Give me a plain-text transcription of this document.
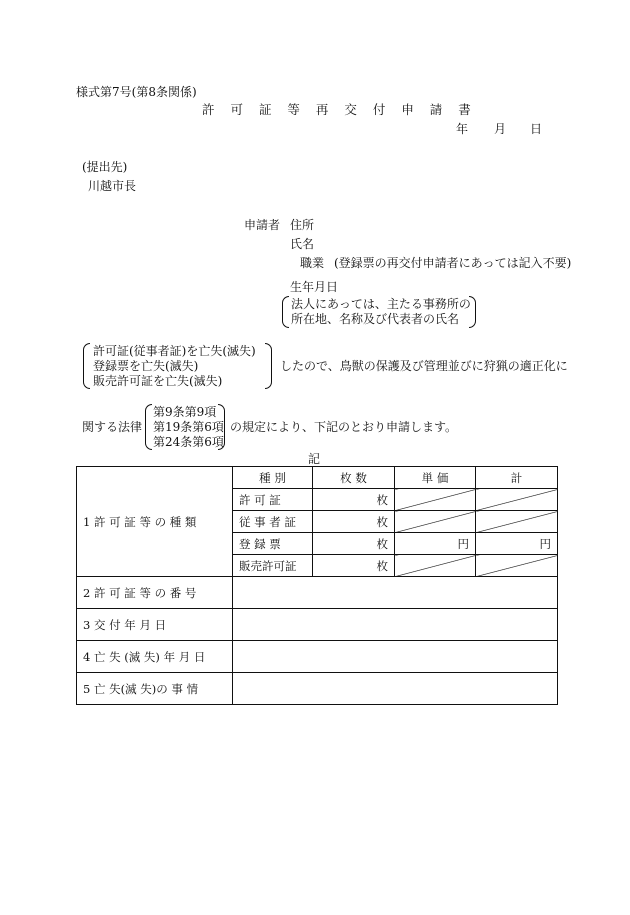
様式第7号(第8条関係)
許 可 証 等 再 交 付 申 請 書
年 月 日
(提出先)
川越市長
申請者 住所
氏名
職業 (登録票の再交付申請者にあっては記入不要)
生年月日
法人にあっては、主たる事務所の
所在地、名称及び代表者の氏名
許可証(従事者証)を亡失(滅失)
登録票を亡失(滅失)
販売許可証を亡失(滅失)
したので、鳥獣の保護及び管理並びに狩猟の適正化に
関する法律
第9条第9項
第19条第6項
第24条第6項
の規定により、下記のとおり申請します。
記
1 許 可 証 等 の 種 類	種 別	枚 数	単 価	計
	許 可 証	枚		
	従 事 者 証	枚		
	登 録 票	枚	円	円
	販売許可証	枚		
2 許 可 証 等 の 番 号				
3 交 付 年 月 日				
4 亡 失 (滅 失) 年 月 日				
5 亡 失(滅 失)の 事 情				
